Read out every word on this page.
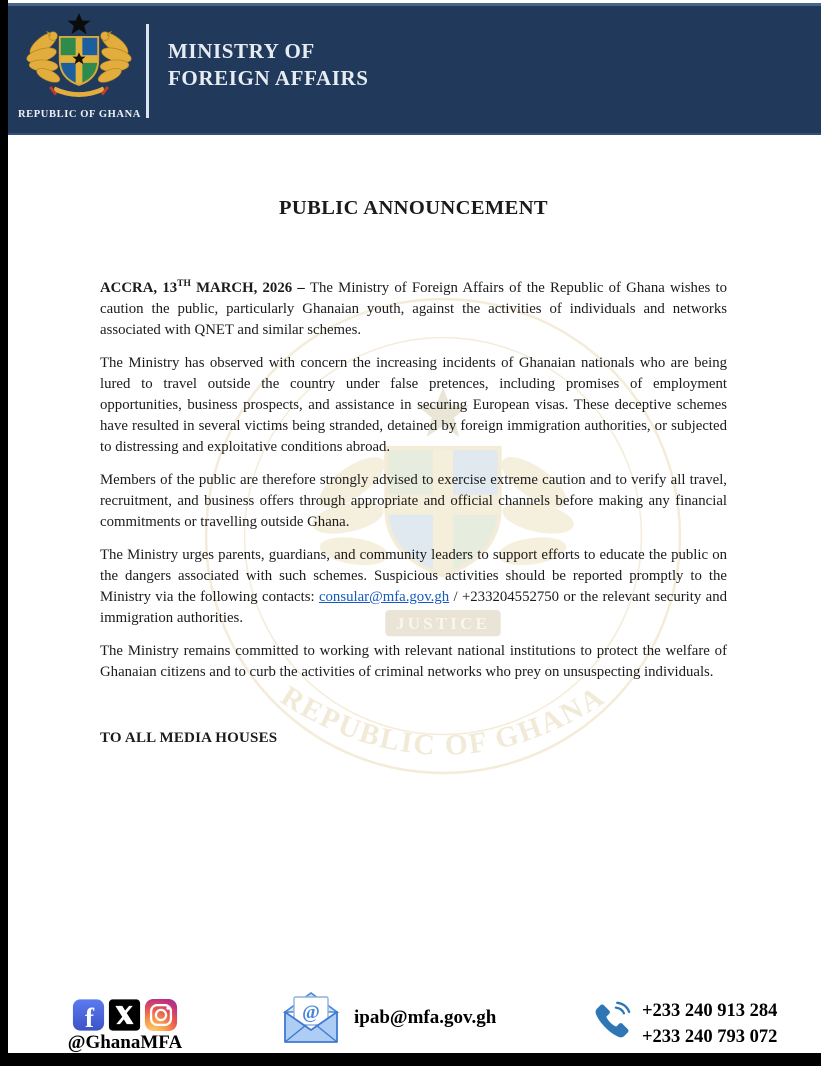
REPUBLIC OF GHANA
MINISTRY OF
FOREIGN AFFAIRS
JUSTICE
REPUBLIC OF GHANA
PUBLIC ANNOUNCEMENT

ACCRA, 13TH MARCH, 2026 – The Ministry of Foreign Affairs of the Republic of Ghana wishes to caution the public, particularly Ghanaian youth, against the activities of individuals and networks associated with QNET and similar schemes.

The Ministry has observed with concern the increasing incidents of Ghanaian nationals who are being lured to travel outside the country under false pretences, including promises of employment opportunities, business prospects, and assistance in securing European visas. These deceptive schemes have resulted in several victims being stranded, detained by foreign immigration authorities, or subjected to distressing and exploitative conditions abroad.

Members of the public are therefore strongly advised to exercise extreme caution and to verify all travel, recruitment, and business offers through appropriate and official channels before making any financial commitments or travelling outside Ghana.

The Ministry urges parents, guardians, and community leaders to support efforts to educate the public on the dangers associated with such schemes. Suspicious activities should be reported promptly to the Ministry via the following contacts: consular@mfa.gov.gh / +233204552750 or the relevant security and immigration authorities.

The Ministry remains committed to working with relevant national institutions to protect the welfare of Ghanaian citizens and to curb the activities of criminal networks who prey on unsuspecting individuals.

TO ALL MEDIA HOUSES
f
@GhanaMFA
@ ipab@mfa.gov.gh	+233 240 913 284
+233 240 793 072
